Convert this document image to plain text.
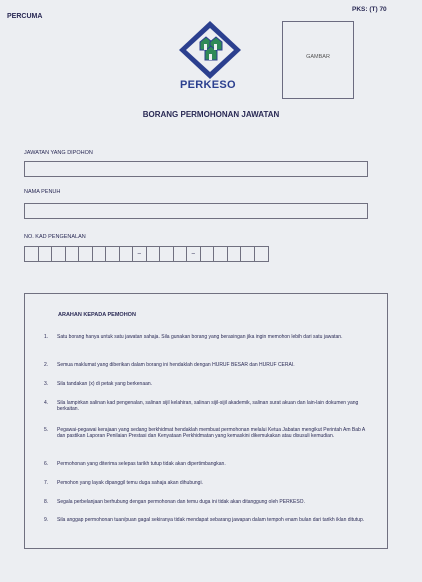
PERCUMA
PKS: (T) 70
PERKESO
GAMBAR
BORANG PERMOHONAN JAWATAN
JAWATAN YANG DIPOHON
NAMA PENUH
NO. KAD PENGENALAN
–	–
ARAHAN KEPADA PEMOHON
1.	Satu borang hanya untuk satu jawatan sahaja. Sila gunakan borang yang berasingan jika ingin memohon lebih dari satu jawatan.
2.	Semua maklumat yang diberikan dalam borang ini hendaklah dengan HURUF BESAR dan HURUF CERAI.
3.	Sila tandakan (x) di petak yang berkenaan.
4.	Sila lampirkan salinan kad pengenalan, salinan sijil kelahiran, salinan sijil-sijil akademik, salinan surat akuan dan lain-lain dokumen yang berkaitan.
5.	Pegawai-pegawai kerajaan yang sedang berkhidmat hendaklah membuat permohonan melalui Ketua Jabatan mengikut Perintah Am Bab A dan pastikan Laporan Penilaian Prestasi dan Kenyataan Perkhidmatan yang kemaskini dikemukakan atau disusuli kemudian.
6.	Permohonan yang diterima selepas tarikh tutup tidak akan dipertimbangkan.
7.	Pemohon yang layak dipanggil temu duga sahaja akan dihubungi.
8.	Segala perbelanjaan berhubung dengan permohonan dan temu duga ini tidak akan ditanggung oleh PERKESO.
9.	Sila anggap permohonan tuan/puan gagal sekiranya tidak mendapat sebarang jawapan dalam tempoh enam bulan dari tarikh iklan ditutup.
